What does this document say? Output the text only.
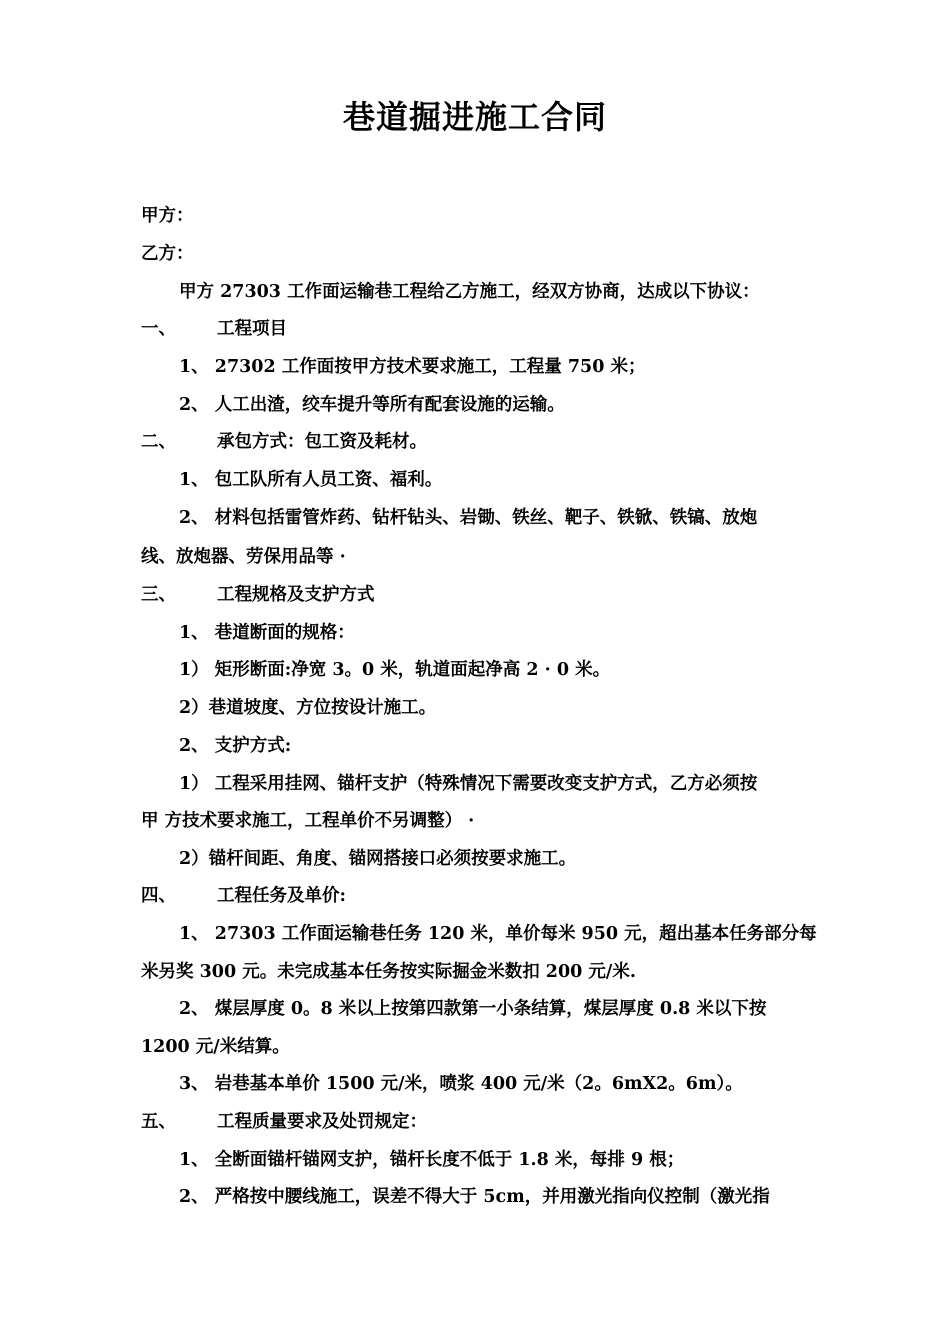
巷道掘进施工合同
甲方：
乙方：
甲方 27303 工作面运输巷工程给乙方施工，经双方协商，达成以下协议：
一、 工程项目
1、 27302 工作面按甲方技术要求施工，工程量 750 米；
2、 人工出渣，绞车提升等所有配套设施的运输。
二、 承包方式：包工资及耗材。
1、 包工队所有人员工资、福利。
2、 材料包括雷管炸药、钻杆钻头、岩锄、铁丝、靶子、铁锨、铁镐、放炮
线、放炮器、劳保用品等 ·
三、 工程规格及支护方式
1、 巷道断面的规格：
1） 矩形断面:净宽 3。0 米，轨道面起净高 2 · 0 米。
2）巷道坡度、方位按设计施工。
2、 支护方式:
1） 工程采用挂网、锚杆支护（特殊情况下需要改变支护方式，乙方必须按
甲 方技术要求施工，工程单价不另调整） ·
2）锚杆间距、角度、锚网搭接口必须按要求施工。
四、 工程任务及单价:
1、 27303 工作面运输巷任务 120 米，单价每米 950 元，超出基本任务部分每
米另奖 300 元。未完成基本任务按实际掘金米数扣 200 元/米.
2、 煤层厚度 0。8 米以上按第四款第一小条结算，煤层厚度 0.8 米以下按
1200 元/米结算。
3、 岩巷基本单价 1500 元/米，喷浆 400 元/米（2。6mX2。6m）。
五、 工程质量要求及处罚规定：
1、 全断面锚杆锚网支护，锚杆长度不低于 1.8 米，每排 9 根；
2、 严格按中腰线施工，误差不得大于 5cm，并用激光指向仪控制（激光指
